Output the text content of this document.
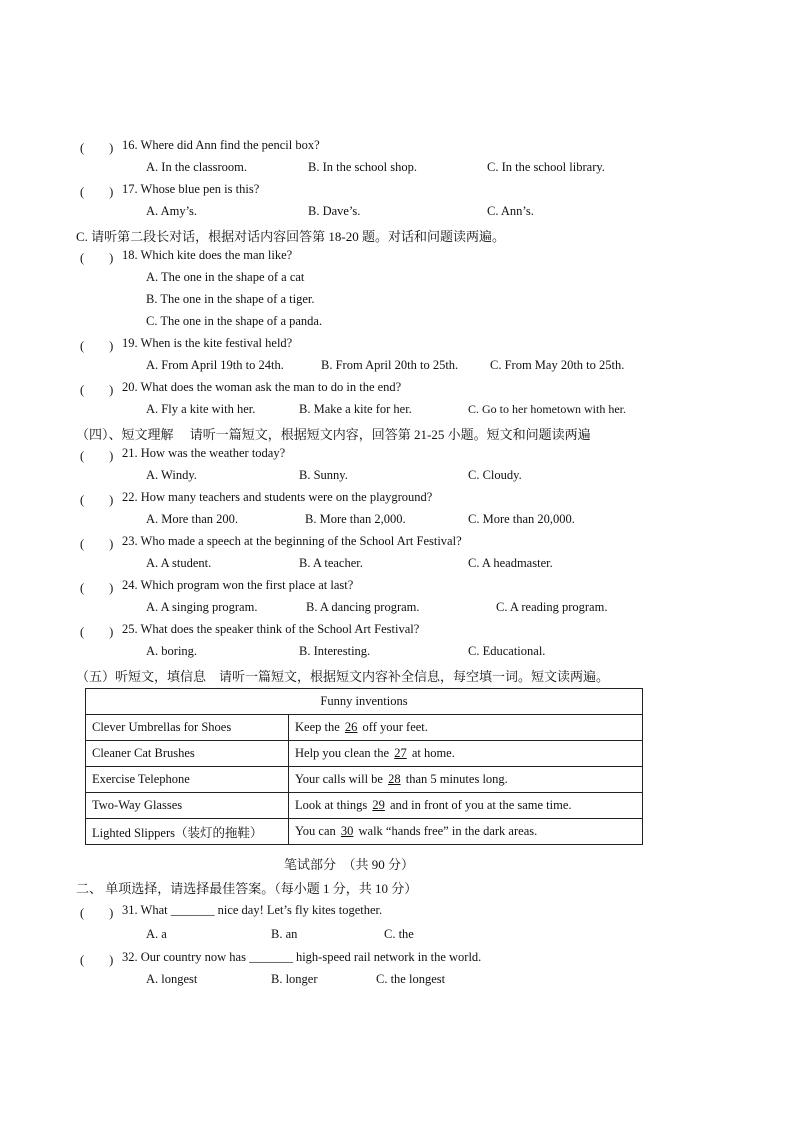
(　　) 16. Where did Ann find the pencil box?
A. In the classroom.	B. In the school shop.	C. In the school library.
(　　) 17. Whose blue pen is this?
A. Amy’s.	B. Dave’s.	C. Ann’s.
C. 请听第二段长对话，根据对话内容回答第 18-20 题。对话和问题读两遍。
(　　) 18. Which kite does the man like?
A. The one in the shape of a cat
B. The one in the shape of a tiger.
C. The one in the shape of a panda.
(　　) 19. When is the kite festival held?
A. From April 19th to 24th.	B. From April 20th to 25th.	C. From May 20th to 25th.
(　　) 20. What does the woman ask the man to do in the end?
A. Fly a kite with her.	B. Make a kite for her.	C. Go to her hometown with her.
（四）、短文理解　 请听一篇短文，根据短文内容，回答第 21-25 小题。短文和问题读两遍
(　　) 21. How was the weather today?
A. Windy.	B. Sunny.	C. Cloudy.
(　　) 22. How many teachers and students were on the playground?
A. More than 200.	B. More than 2,000.	C. More than 20,000.
(　　) 23. Who made a speech at the beginning of the School Art Festival?
A. A student.	B. A teacher.	C. A headmaster.
(　　) 24. Which program won the first place at last?
A. A singing program.	B. A dancing program.	C. A reading program.
(　　) 25. What does the speaker think of the School Art Festival?
A. boring.	B. Interesting.	C. Educational.
（五）听短文，填信息　请听一篇短文，根据短文内容补全信息，每空填一词。短文读两遍。
Funny inventions	
Clever Umbrellas for Shoes	Keep the 26 off your feet.
Cleaner Cat Brushes	Help you clean the 27 at home.
Exercise Telephone	Your calls will be 28 than 5 minutes long.
Two-Way Glasses	Look at things 29 and in front of you at the same time.
Lighted Slippers（装灯的拖鞋）	You can 30 walk “hands free” in the dark areas.
笔试部分　（共 90 分）
二、 单项选择，请选择最佳答案。（每小题 1 分，共 10 分）
(　　) 31. What _______ nice day! Let’s fly kites together.
A. a	B. an	C. the
(　　) 32. Our country now has _______ high-speed rail network in the world.
A. longest	B. longer	C. the longest
